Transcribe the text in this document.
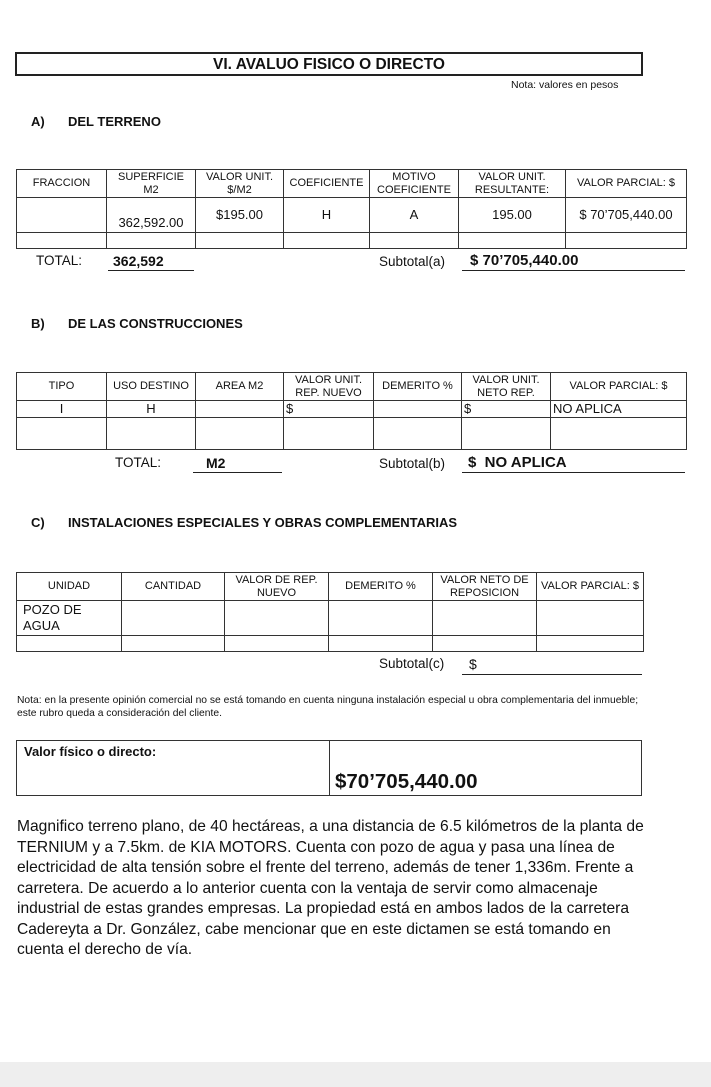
VI. AVALUO FISICO O DIRECTO
Nota: valores en pesos
A) DEL TERRENO
FRACCION	SUPERFICIE M2	VALOR UNIT. $/M2	COEFICIENTE	MOTIVO COEFICIENTE	VALOR UNIT. RESULTANTE:	VALOR PARCIAL: $
	362,592.00	$195.00	H	A	195.00	$ 70’705,440.00

TOTAL: 362,592	Subtotal(a) $ 70’705,440.00
B) DE LAS CONSTRUCCIONES
TIPO	USO DESTINO	AREA M2	VALOR UNIT. REP. NUEVO	DEMERITO %	VALOR UNIT. NETO REP.	VALOR PARCIAL: $
I	H		$		$	NO APLICA

TOTAL:	M2	Subtotal(b) $  NO APLICA
C) INSTALACIONES ESPECIALES Y OBRAS COMPLEMENTARIAS
UNIDAD	CANTIDAD	VALOR DE REP. NUEVO	DEMERITO %	VALOR NETO DE REPOSICION	VALOR PARCIAL: $
POZO DE AGUA					

Subtotal(c) $
Nota: en la presente opinión comercial no se está tomando en cuenta ninguna instalación especial u obra complementaria del inmueble; este rubro queda a consideración del cliente.
Valor físico o directo:
$70’705,440.00
Magnifico terreno plano, de 40 hectáreas, a una distancia de 6.5 kilómetros de la planta de TERNIUM y a 7.5km. de KIA MOTORS. Cuenta con pozo de agua y pasa una línea de electricidad de alta tensión sobre el frente del terreno, además de tener 1,336m. Frente a carretera. De acuerdo a lo anterior cuenta con la ventaja de servir como almacenaje industrial de estas grandes empresas. La propiedad está en ambos lados de la carretera Cadereyta a Dr. González, cabe mencionar que en este dictamen se está tomando en cuenta el derecho de vía.
